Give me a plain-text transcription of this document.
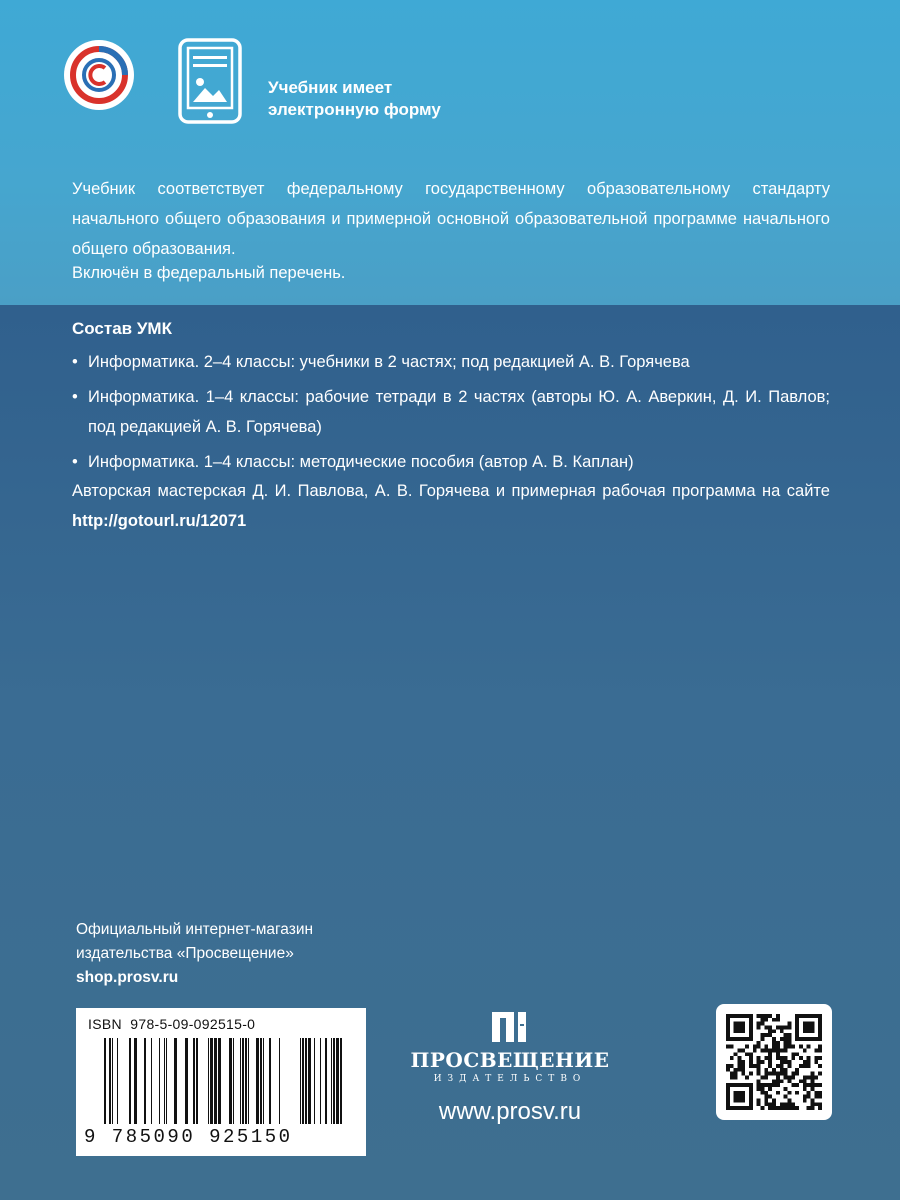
Учебник имеет
электронную форму
Учебник соответствует федеральному государственному образовательному стандарту начального общего образования и примерной основной образовательной программе начального общего образования.
Включён в федеральный перечень.
Состав УМК
• Информатика. 2–4 классы: учебники в 2 частях; под редакцией А. В. Горячева
• Информатика. 1–4 классы: рабочие тетради в 2 частях (авторы Ю. А. Аверкин, Д. И. Павлов; под редакцией А. В. Горячева)
• Информатика. 1–4 классы: методические пособия (автор А. В. Каплан)
Авторская мастерская Д. И. Павлова, А. В. Горячева и примерная рабочая программа на сайте http://gotourl.ru/12071
Официальный интернет-магазин
издательства «Просвещение»
shop.prosv.ru
ISBN 978-5-09-092515-0
9 785090 925150
ПРОСВЕЩЕНИЕ
ИЗДАТЕЛЬСТВО
www.prosv.ru
